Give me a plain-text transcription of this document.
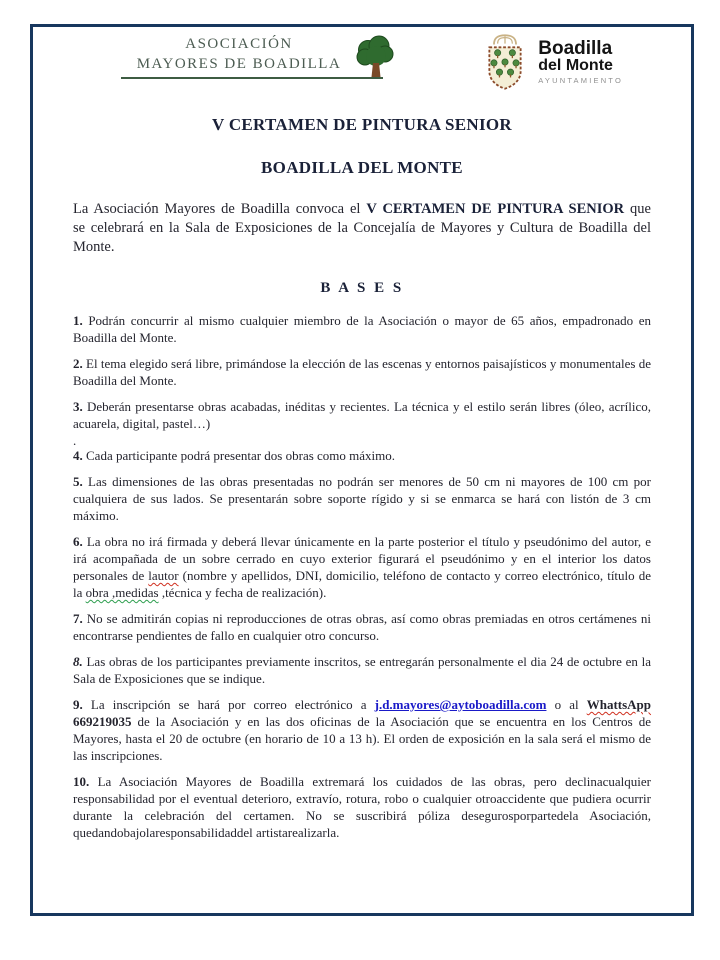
ASOCIACIÓN
MAYORES DE BOADILLA
Boadilla
del Monte
AYUNTAMIENTO
V CERTAMEN DE PINTURA SENIOR
BOADILLA DEL MONTE

La Asociación Mayores de Boadilla convoca el V CERTAMEN DE PINTURA SENIOR que se celebrará en la Sala de Exposiciones de la Concejalía de Mayores y Cultura de Boadilla del Monte.

B A S E S

1. Podrán concurrir al mismo cualquier miembro de la Asociación o mayor de 65 años, empadronado en Boadilla del Monte.

2. El tema elegido será libre, primándose la elección de las escenas y entornos paisajísticos y monumentales de Boadilla del Monte.

3. Deberán presentarse obras acabadas, inéditas y recientes. La técnica y el estilo serán libres (óleo, acrílico, acuarela, digital, pastel…)

.

4. Cada participante podrá presentar dos obras como máximo.

5. Las dimensiones de las obras presentadas no podrán ser menores de 50 cm ni mayores de 100 cm por cualquiera de sus lados. Se presentarán sobre soporte rígido y si se enmarca se hará con listón de 3 cm máximo.

6. La obra no irá firmada y deberá llevar únicamente en la parte posterior el título y pseudónimo del autor, e irá acompañada de un sobre cerrado en cuyo exterior figurará el pseudónimo y en el interior los datos personales de lautor (nombre y apellidos, DNI, domicilio, teléfono de contacto y correo electrónico, título de la obra ,medidas ,técnica y fecha de realización).

7. No se admitirán copias ni reproducciones de otras obras, así como obras premiadas en otros certámenes ni encontrarse pendientes de fallo en cualquier otro concurso.

8. Las obras de los participantes previamente inscritos, se entregarán personalmente el dia 24 de octubre en la Sala de Exposiciones que se indique.

9. La inscripción se hará por correo electrónico a j.d.mayores@aytoboadilla.com o al WhattsApp 669219035 de la Asociación y en las dos oficinas de la Asociación que se encuentra en los Centros de Mayores, hasta el 20 de octubre (en horario de 10 a 13 h). El orden de exposición en la sala será el mismo de las inscripciones.

10. La Asociación Mayores de Boadilla extremará los cuidados de las obras, pero declinacualquier responsabilidad por el eventual deterioro, extravío, rotura, robo o cualquier otroaccidente que pudiera ocurrir durante la celebración del certamen. No se suscribirá póliza desegurosporpartedela Asociación, quedandobajolaresponsabilidaddel artistarealizarla.
